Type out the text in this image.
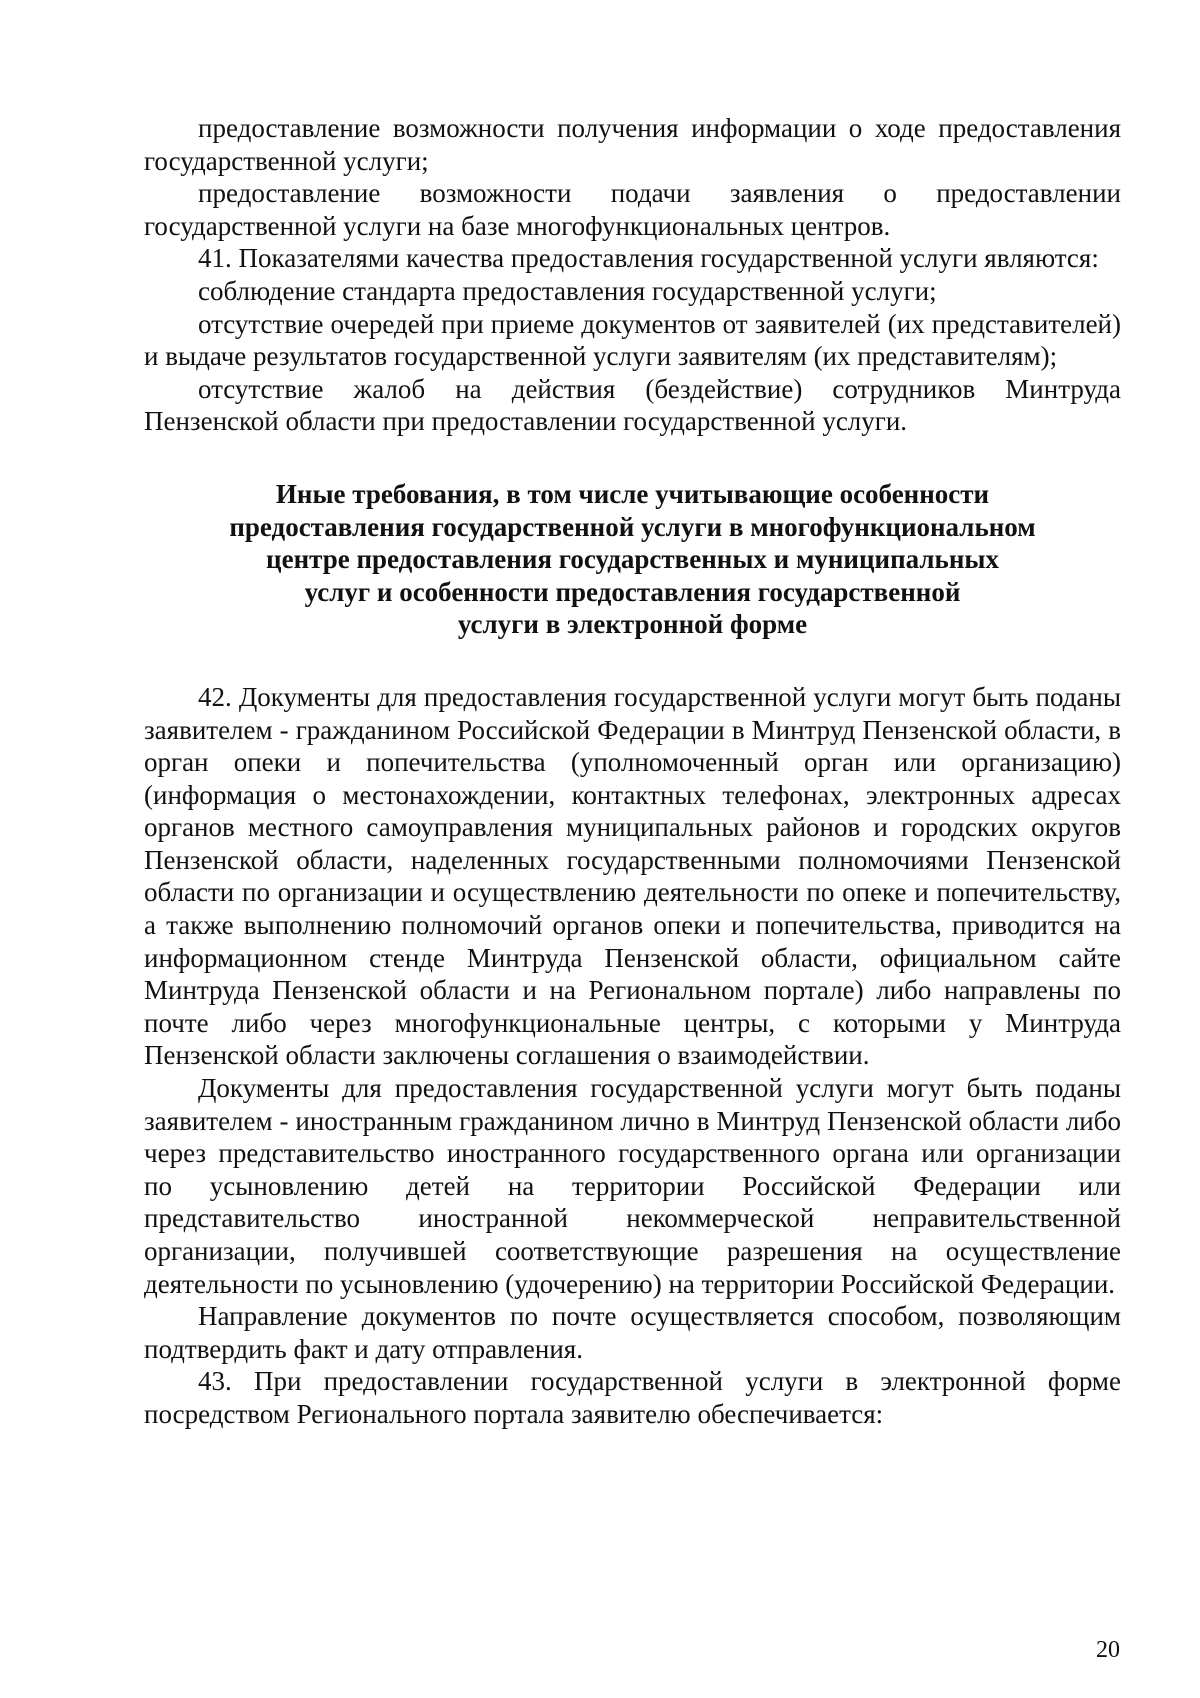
предоставление возможности получения информации о ходе предоставления государственной услуги;

предоставление возможности подачи заявления о предоставлении государственной услуги на базе многофункциональных центров.

41. Показателями качества предоставления государственной услуги являются:

соблюдение стандарта предоставления государственной услуги;

отсутствие очередей при приеме документов от заявителей (их представителей) и выдаче результатов государственной услуги заявителям (их представителям);

отсутствие жалоб на действия (бездействие) сотрудников Минтруда Пензенской области при предоставлении государственной услуги.

Иные требования, в том числе учитывающие особенности
предоставления государственной услуги в многофункциональном
центре предоставления государственных и муниципальных
услуг и особенности предоставления государственной
услуги в электронной форме

42. Документы для предоставления государственной услуги могут быть поданы заявителем - гражданином Российской Федерации в Минтруд Пензенской области, в орган опеки и попечительства (уполномоченный орган или организацию) (информация о местонахождении, контактных телефонах, электронных адресах органов местного самоуправления муниципальных районов и городских округов Пензенской области, наделенных государственными полномочиями Пензенской области по организации и осуществлению деятельности по опеке и попечительству, а также выполнению полномочий органов опеки и попечительства, приводится на информационном стенде Минтруда Пензенской области, официальном сайте Минтруда Пензенской области и на Региональном портале) либо направлены по почте либо через многофункциональные центры, с которыми у Минтруда Пензенской области заключены соглашения о взаимодействии.

Документы для предоставления государственной услуги могут быть поданы заявителем - иностранным гражданином лично в Минтруд Пензенской области либо через представительство иностранного государственного органа или организации по усыновлению детей на территории Российской Федерации или представительство иностранной некоммерческой неправительственной организации, получившей соответствующие разрешения на осуществление деятельности по усыновлению (удочерению) на территории Российской Федерации.

Направление документов по почте осуществляется способом, позволяющим подтвердить факт и дату отправления.

43. При предоставлении государственной услуги в электронной форме посредством Регионального портала заявителю обеспечивается:

20
